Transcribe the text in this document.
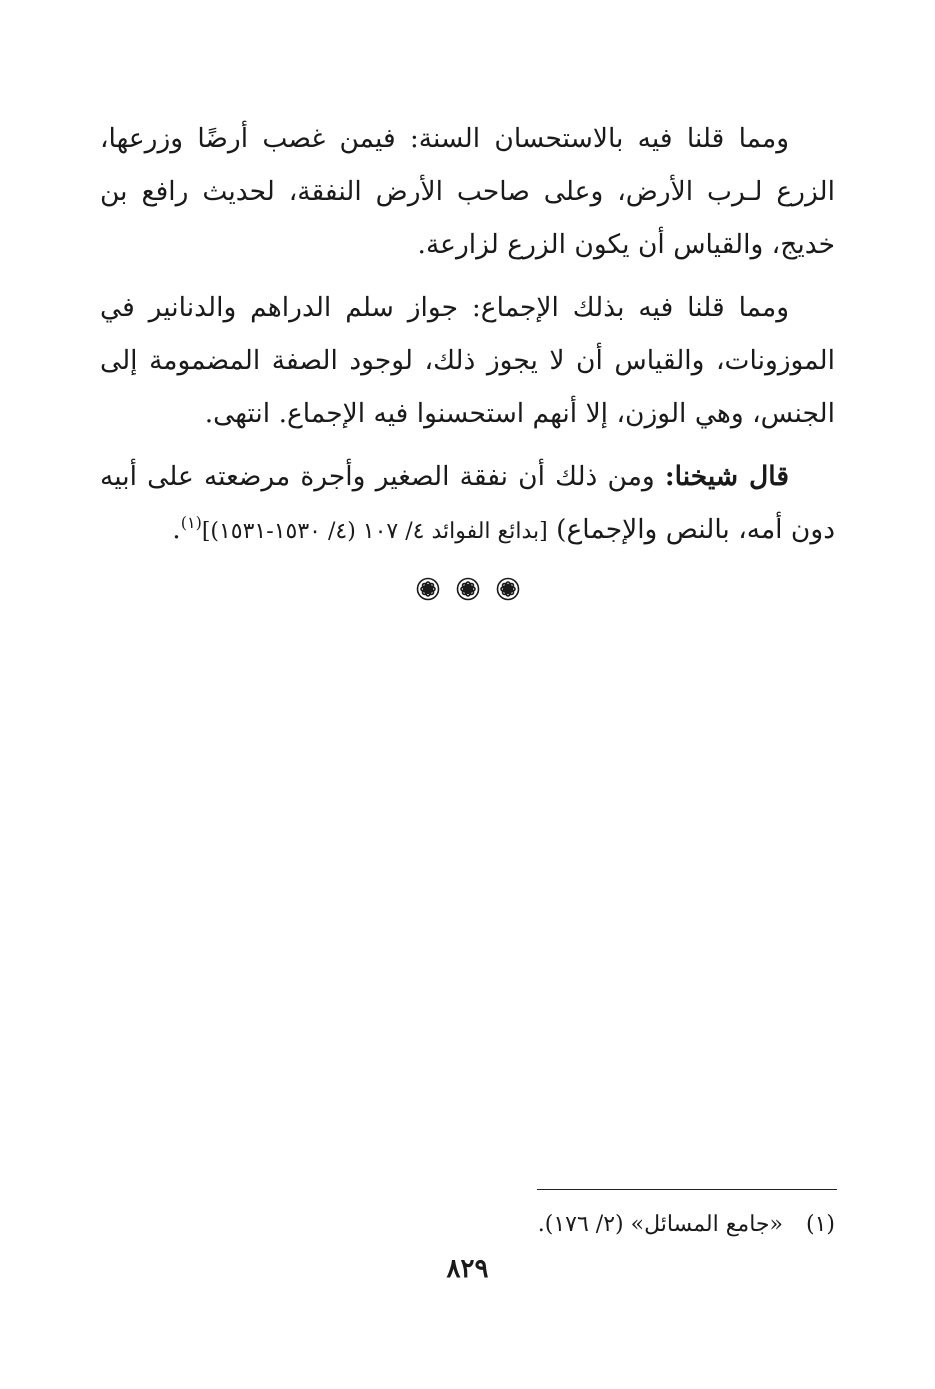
ومما قلنا فيه بالاستحسان السنة: فيمن غصب أرضًا وزرعها، الزرع لـرب الأرض، وعلى صاحب الأرض النفقة، لحديث رافع بن خديج، والقياس أن يكون الزرع لزارعة.

ومما قلنا فيه بذلك الإجماع: جواز سلم الدراهم والدنانير في الموزونات، والقياس أن لا يجوز ذلك، لوجود الصفة المضمومة إلى الجنس، وهي الوزن، إلا أنهم استحسنوا فيه الإجماع. انتهى.

قال شيخنا: ومن ذلك أن نفقة الصغير وأجرة مرضعته على أبيه دون أمه، بالنص والإجماع) [بدائع الفوائد ٤/ ١٠٧ (٤/ ١٥٣٠-١٥٣١)]$^{(١)}$.

(١) «جامع المسائل» (٢/ ١٧٦).
٨٢٩
